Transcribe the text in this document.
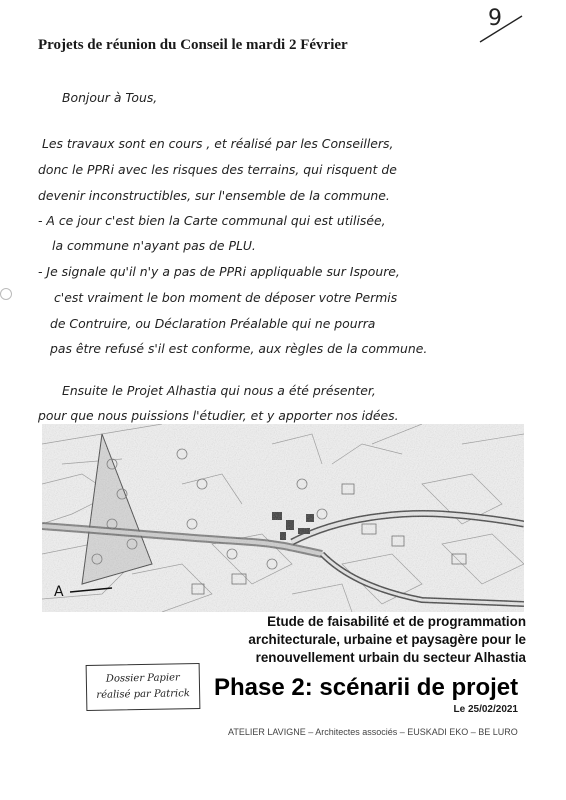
9
Projets de réunion du Conseil le mardi 2 Février
Bonjour à Tous,
Les travaux sont en cours , et réalisé par les Conseillers,
donc le PPRi avec les risques des terrains, qui risquent de
devenir inconstructibles, sur l'ensemble de la commune.
- A ce jour c'est bien la Carte communal qui est utilisée,
la commune n'ayant pas de PLU.
- Je signale qu'il n'y a pas de PPRi appliquable sur Ispoure,
c'est vraiment le bon moment de déposer votre Permis
de Contruire, ou Déclaration Préalable qui ne pourra
pas être refusé s'il est conforme, aux règles de la commune.
Ensuite le Projet Alhastia qui nous a été présenter,
pour que nous puissions l'étudier, et y apporter nos idées.
A
Etude de faisabilité et de programmation
architecturale, urbaine et paysagère pour le
renouvellement urbain du secteur Alhastia
Phase 2: scénarii de projet
Le 25/02/2021
ATELIER LAVIGNE – Architectes associés – EUSKADI EKO – BE LURO
Dossier Papier
réalisé par Patrick
